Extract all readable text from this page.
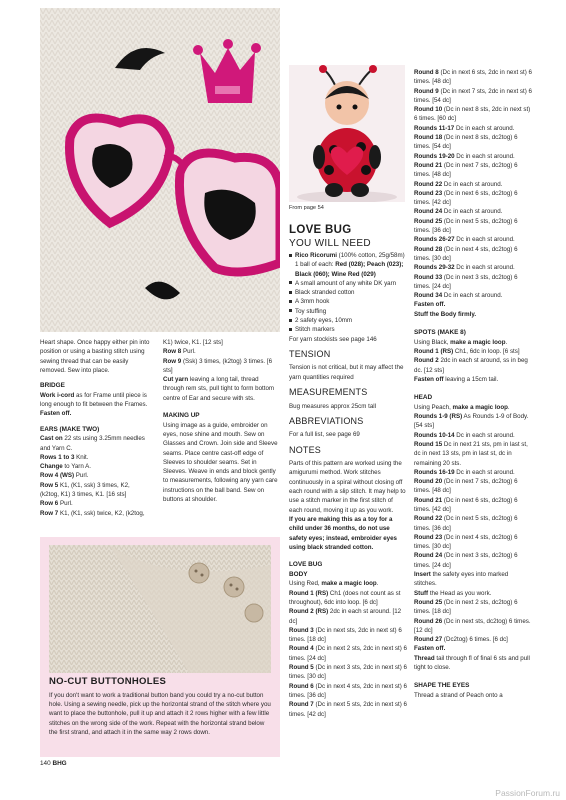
From page 54

Heart shape. Once happy either pin into position or using a basting stitch using sewing thread that can be easily removed. Sew into place.

BRIDGE

Work i-cord as for Frame until piece is long enough to fit between the Frames. Fasten off.

EARS (MAKE TWO)
Cast on 22 sts using 3.25mm needles and Yarn C.
Rows 1 to 3 Knit.
Change to Yarn A.
Row 4 (WS) Purl.
Row 5 K1, (K1, ssk) 3 times, K2, (k2tog, K1) 3 times, K1. [16 sts]
Row 6 Purl.
Row 7 K1, (K1, ssk) twice, K2, (k2tog,
K1) twice, K1. [12 sts]
Row 8 Purl.
Row 9 (Ssk) 3 times, (k2tog) 3 times. [6 sts]
Cut yarn leaving a long tail, thread through rem sts, pull tight to form bottom centre of Ear and secure with sts.
MAKING UP

Using image as a guide, embroider on eyes, nose shine and mouth. Sew on Glasses and Crown. Join side and Sleeve seams. Place centre cast-off edge of Sleeves to shoulder seams. Set in Sleeves. Weave in ends and block gently to measurements, following any yarn care instructions on the ball band. Sew on buttons at shoulder.

NO-CUT BUTTONHOLES
If you don't want to work a traditional button band you could try a no-cut button hole. Using a sewing needle, pick up the horizontal strand of the stitch where you want to place the buttonhole, pull it up and attach it 2 rows higher with a few little stitches on the wrong side of the work. Repeat with the horizontal strand below the first strand, and attach it in the same way 2 rows down.
LOVE BUG
YOU WILL NEED
Rico Ricorumi (100% cotton, 25g/58m) 1 ball of each: Red (028); Peach (023); Black (060); Wine Red (029)
A small amount of any white DK yarn
Black stranded cotton
A 3mm hook
Toy stuffing
2 safety eyes, 10mm
Stitch markers
For yarn stockists see page 146
TENSION
Tension is not critical, but it may affect the yarn quantities required
MEASUREMENTS
Bug measures approx 25cm tall
ABBREVIATIONS
For a full list, see page 69
NOTES
Parts of this pattern are worked using the amigurumi method. Work stitches continuously in a spiral without closing off each round with a slip stitch. It may help to use a stitch marker in the first stitch of each round, moving it up as you work.
If you are making this as a toy for a child under 36 months, do not use safety eyes; instead, embroider eyes using black stranded cotton.
LOVE BUG
BODY
Using Red, make a magic loop.
Round 1 (RS) Ch1 (does not count as st throughout), 6dc into loop. [6 dc]
Round 2 (RS) 2dc in each st around. [12 dc]
Round 3 (Dc in next sts, 2dc in next st) 6 times. [18 dc]
Round 4 (Dc in next 2 sts, 2dc in next st) 6 times. [24 dc]
Round 5 (Dc in next 3 sts, 2dc in next st) 6 times. [30 dc]
Round 6 (Dc in next 4 sts, 2dc in next st) 6 times. [36 dc]
Round 7 (Dc in next 5 sts, 2dc in next st) 6 times. [42 dc]
Round 8 (Dc in next 6 sts, 2dc in next st) 6 times. [48 dc]
Round 9 (Dc in next 7 sts, 2dc in next st) 6 times. [54 dc]
Round 10 (Dc in next 8 sts, 2dc in next st) 6 times. [60 dc]
Rounds 11-17 Dc in each st around.
Round 18 (Dc in next 8 sts, dc2tog) 6 times. [54 dc]
Rounds 19-20 Dc in each st around.
Round 21 (Dc in next 7 sts, dc2tog) 6 times. [48 dc]
Round 22 Dc in each st around.
Round 23 (Dc in next 6 sts, dc2tog) 6 times. [42 dc]
Round 24 Dc in each st around.
Round 25 (Dc in next 5 sts, dc2tog) 6 times. [36 dc]
Rounds 26-27 Dc in each st around.
Round 28 (Dc in next 4 sts, dc2tog) 6 times. [30 dc]
Rounds 29-32 Dc in each st around.
Round 33 (Dc in next 3 sts, dc2tog) 6 times. [24 dc]
Round 34 Dc in each st around.
Fasten off.
Stuff the Body firmly.
SPOTS (MAKE 8)
Using Black, make a magic loop.
Round 1 (RS) Ch1, 6dc in loop. [6 sts]
Round 2 2dc in each st around, ss in beg dc. [12 sts]
Fasten off leaving a 15cm tail.
HEAD
Using Peach, make a magic loop.
Rounds 1-9 (RS) As Rounds 1-9 of Body. [54 sts]
Rounds 10-14 Dc in each st around.
Round 15 Dc in next 21 sts, pm in last st, dc in next 13 sts, pm in last st, dc in remaining 20 sts.
Rounds 16-19 Dc in each st around.
Round 20 (Dc in next 7 sts, dc2tog) 6 times. [48 dc]
Round 21 (Dc in next 6 sts, dc2tog) 6 times. [42 dc]
Round 22 (Dc in next 5 sts, dc2tog) 6 times. [36 dc]
Round 23 (Dc in next 4 sts, dc2tog) 6 times. [30 dc]
Round 24 (Dc in next 3 sts, dc2tog) 6 times. [24 dc]
Insert the safety eyes into marked stitches.
Stuff the Head as you work.
Round 25 (Dc in next 2 sts, dc2tog) 6 times. [18 dc]
Round 26 (Dc in next sts, dc2tog) 6 times. [12 dc]
Round 27 (Dc2tog) 6 times. [6 dc]
Fasten off.
Thread tail through fl of final 6 sts and pull tight to close.
SHAPE THE EYES
Thread a strand of Peach onto a
140 BHG
PassionForum.ru
